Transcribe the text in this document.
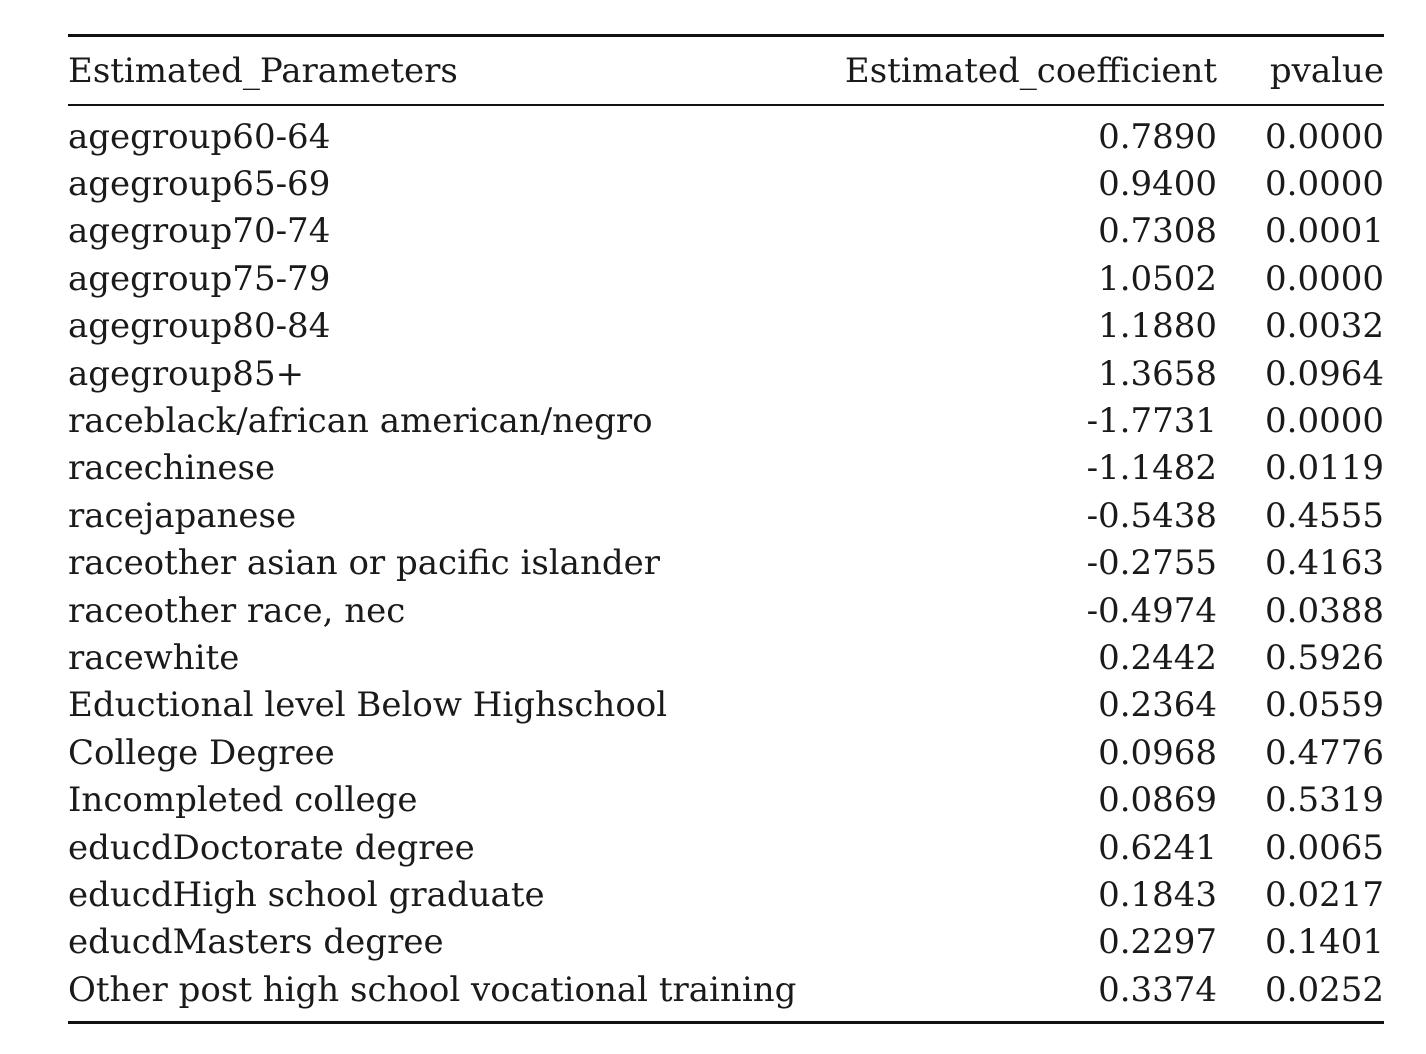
Estimated_Parameters	Estimated_coefficient	pvalue
agegroup60-64	0.7890	0.0000
agegroup65-69	0.9400	0.0000
agegroup70-74	0.7308	0.0001
agegroup75-79	1.0502	0.0000
agegroup80-84	1.1880	0.0032
agegroup85+	1.3658	0.0964
raceblack/african american/negro	-1.7731	0.0000
racechinese	-1.1482	0.0119
racejapanese	-0.5438	0.4555
raceother asian or pacific islander	-0.2755	0.4163
raceother race, nec	-0.4974	0.0388
racewhite	0.2442	0.5926
Eductional level Below Highschool	0.2364	0.0559
College Degree	0.0968	0.4776
Incompleted college	0.0869	0.5319
educdDoctorate degree	0.6241	0.0065
educdHigh school graduate	0.1843	0.0217
educdMasters degree	0.2297	0.1401
Other post high school vocational training	0.3374	0.0252
